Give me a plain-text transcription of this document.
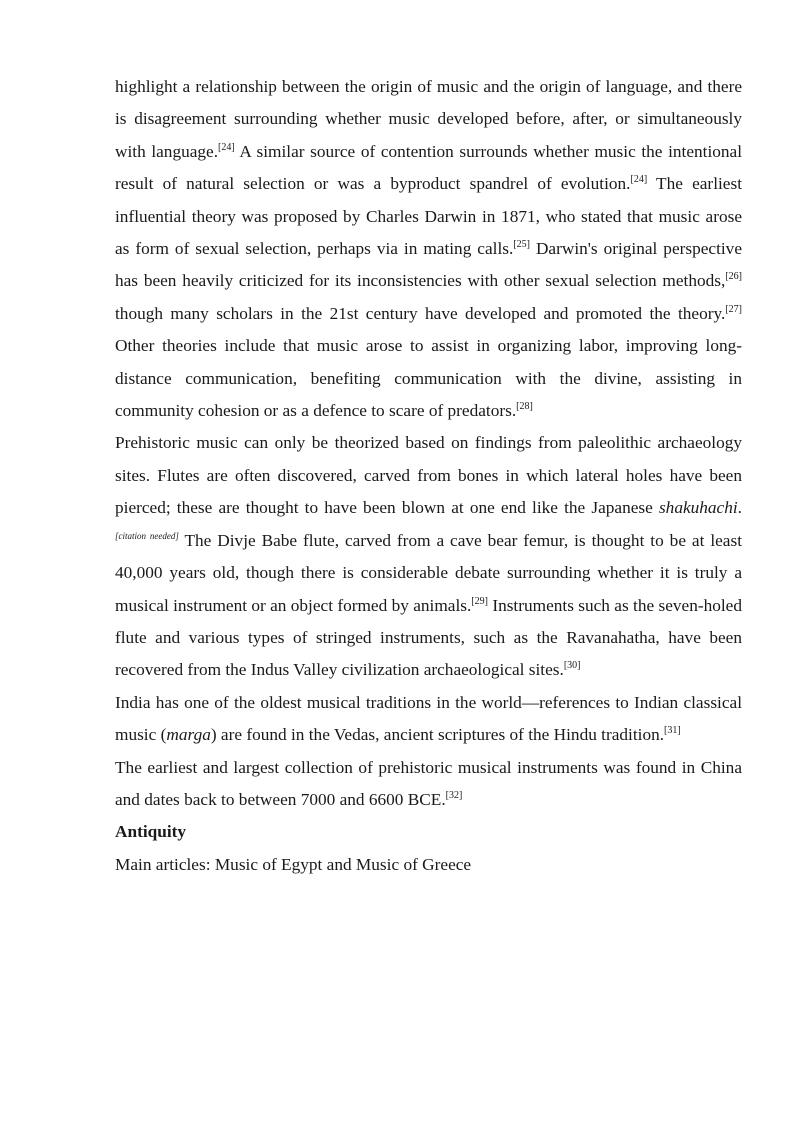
highlight a relationship between the origin of music and the origin of language, and there is disagreement surrounding whether music developed before, after, or simultaneously with language.[24] A similar source of contention surrounds whether music the intentional result of natural selection or was a byproduct spandrel of evolution.[24] The earliest influential theory was proposed by Charles Darwin in 1871, who stated that music arose as form of sexual selection, perhaps via in mating calls.[25] Darwin's original perspective has been heavily criticized for its inconsistencies with other sexual selection methods,[26] though many scholars in the 21st century have developed and promoted the theory.[27] Other theories include that music arose to assist in organizing labor, improving long-distance communication, benefiting communication with the divine, assisting in community cohesion or as a defence to scare of predators.[28]

Prehistoric music can only be theorized based on findings from paleolithic archaeology sites. Flutes are often discovered, carved from bones in which lateral holes have been pierced; these are thought to have been blown at one end like the Japanese shakuhachi.[citation needed] The Divje Babe flute, carved from a cave bear femur, is thought to be at least 40,000 years old, though there is considerable debate surrounding whether it is truly a musical instrument or an object formed by animals.[29] Instruments such as the seven-holed flute and various types of stringed instruments, such as the Ravanahatha, have been recovered from the Indus Valley civilization archaeological sites.[30]

India has one of the oldest musical traditions in the world—references to Indian classical music (marga) are found in the Vedas, ancient scriptures of the Hindu tradition.[31]

The earliest and largest collection of prehistoric musical instruments was found in China and dates back to between 7000 and 6600 BCE.[32]

Antiquity

Main articles: Music of Egypt and Music of Greece
